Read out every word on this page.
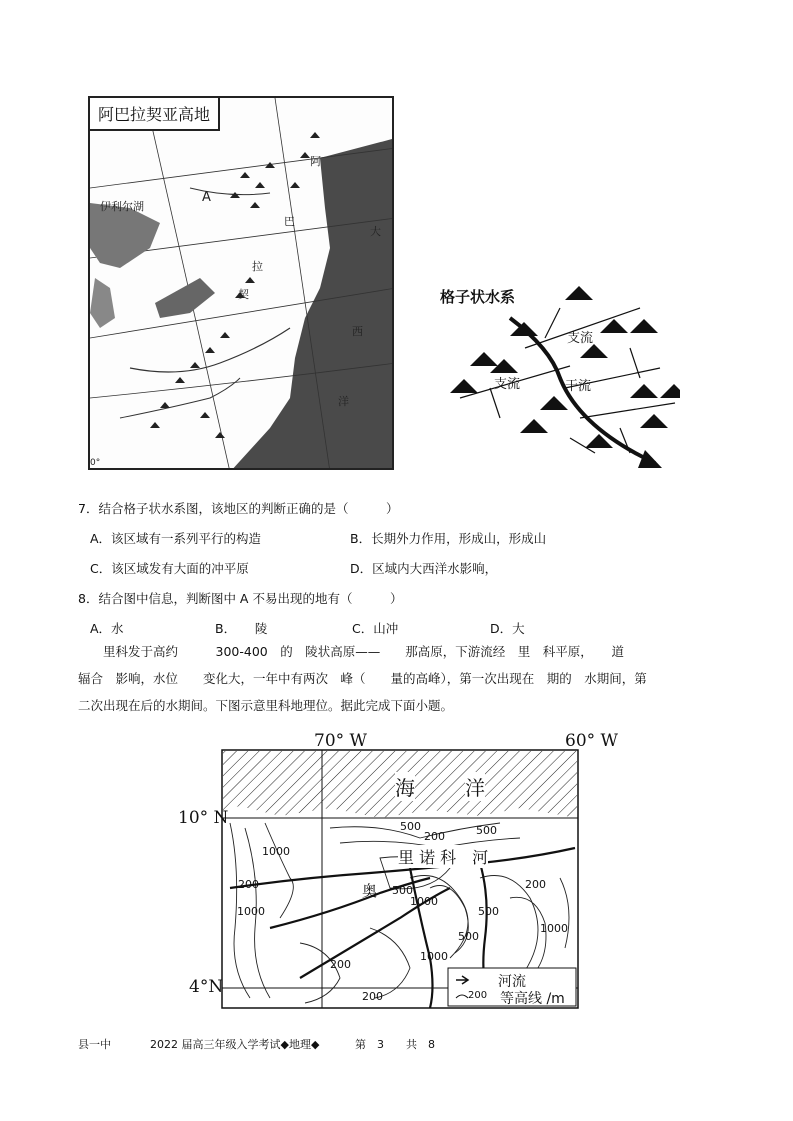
阿巴拉契亚高地
A
伊利尔湖
大
西
洋
阿
巴
拉
契
0°
格子状水系
支流
支流	干流
7．结合格子状水系图，该地区的判断正确的是（　　　）
A．该区域有一系列平行的构造	B．长期外力作用，形成山，形成山
C．该区域发有大面的冲平原	D．区域内大西洋水影响，
8．结合图中信息，判断图中 A 不易出现的地有（　　　）
A．水	B．　　陵	C．山冲	D．大
　　里科发于高约　　　300-400　的　陵状高原——　　那高原，下游流经　里　科平原，　　道
辐合　影响，水位　　变化大，一年中有两次　峰（　　量的高峰），第一次出现在　期的　水期间，第
二次出现在后的水期间。下图示意里科地理位。据此完成下面小题。
70° W	60° W
10° N
4°N
海	洋
里 诺 科　河
奥
500
200	500
1000
500
1000
200
500
1000
200
1000
200
200
500
1000
河流
200 等高线 /m
县一中	2022 届高三年级入学考试◆地理◆	第　3　　共　8
